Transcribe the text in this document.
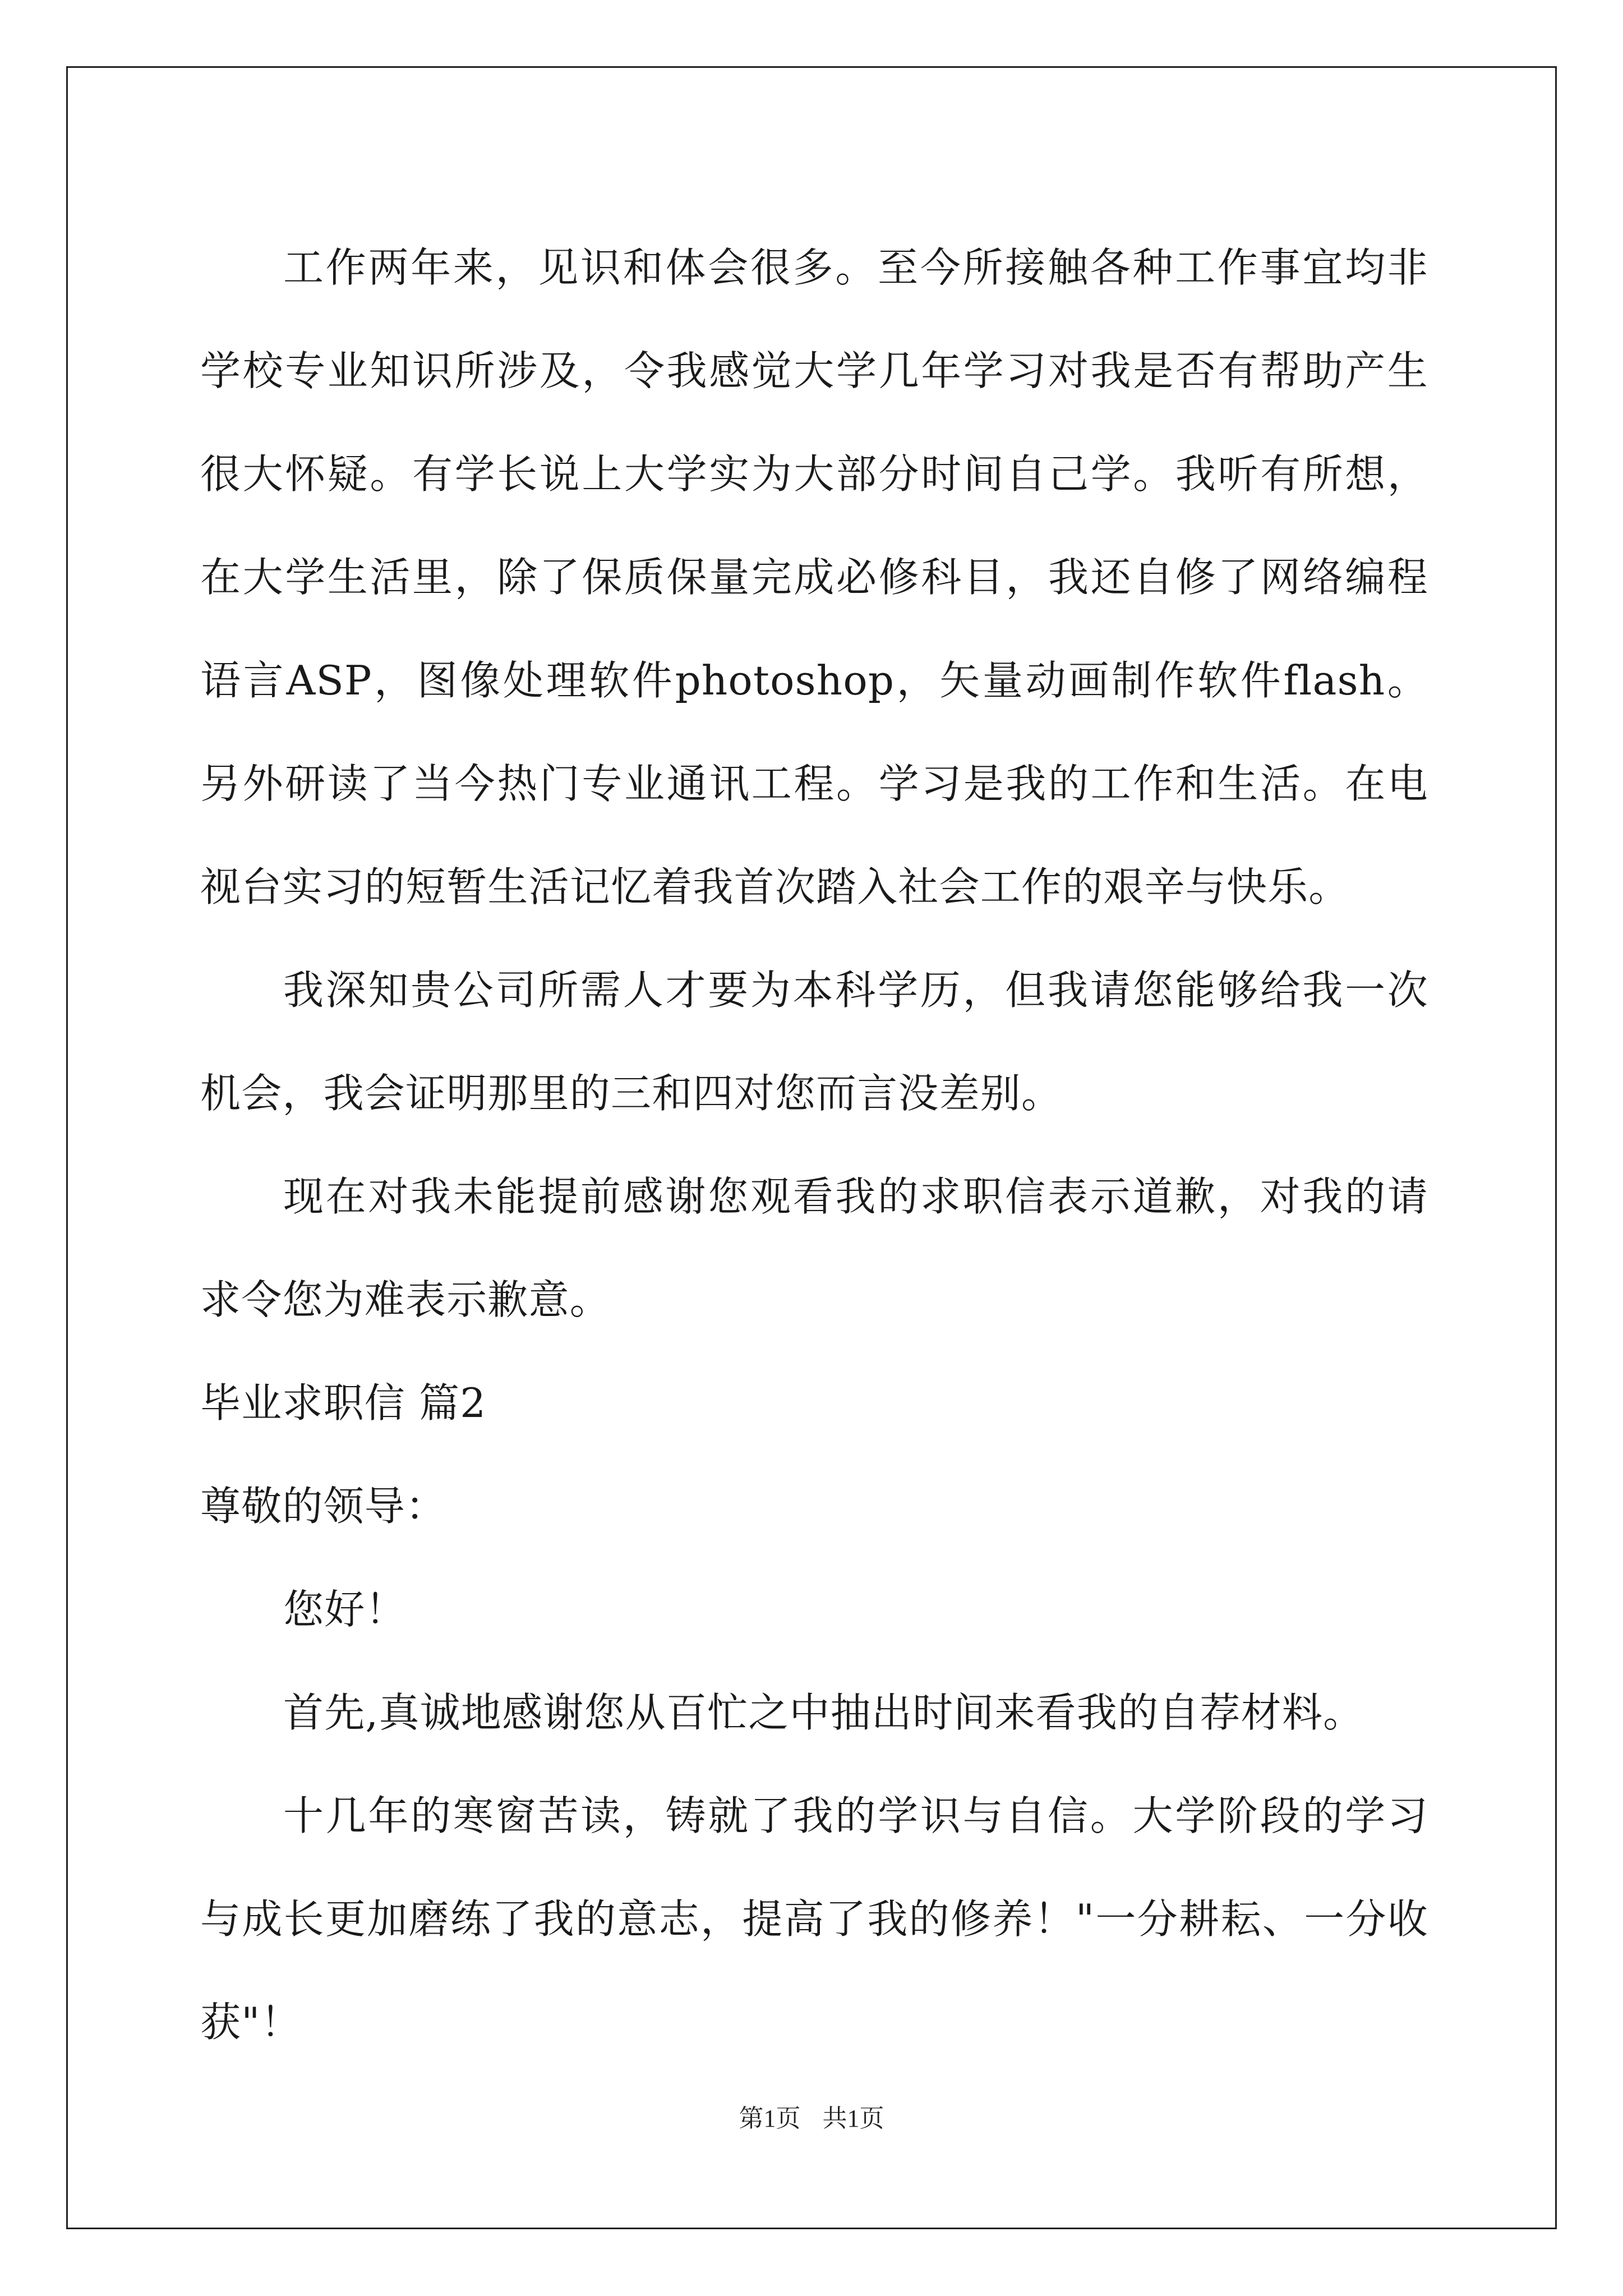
工作两年来，见识和体会很多。至今所接触各种工作事宜均非学校专业知识所涉及，令我感觉大学几年学习对我是否有帮助产生很大怀疑。有学长说上大学实为大部分时间自己学。我听有所想，在大学生活里，除了保质保量完成必修科目，我还自修了网络编程语言ASP，图像处理软件photoshop，矢量动画制作软件flash。另外研读了当今热门专业通讯工程。学习是我的工作和生活。在电视台实习的短暂生活记忆着我首次踏入社会工作的艰辛与快乐。

我深知贵公司所需人才要为本科学历，但我请您能够给我一次机会，我会证明那里的三和四对您而言没差别。

现在对我未能提前感谢您观看我的求职信表示道歉，对我的请求令您为难表示歉意。

毕业求职信 篇2

尊敬的领导：

您好！

首先,真诚地感谢您从百忙之中抽出时间来看我的自荐材料。

十几年的寒窗苦读，铸就了我的学识与自信。大学阶段的学习与成长更加磨练了我的意志，提高了我的修养！"一分耕耘、一分收获"！

第1页 共1页
